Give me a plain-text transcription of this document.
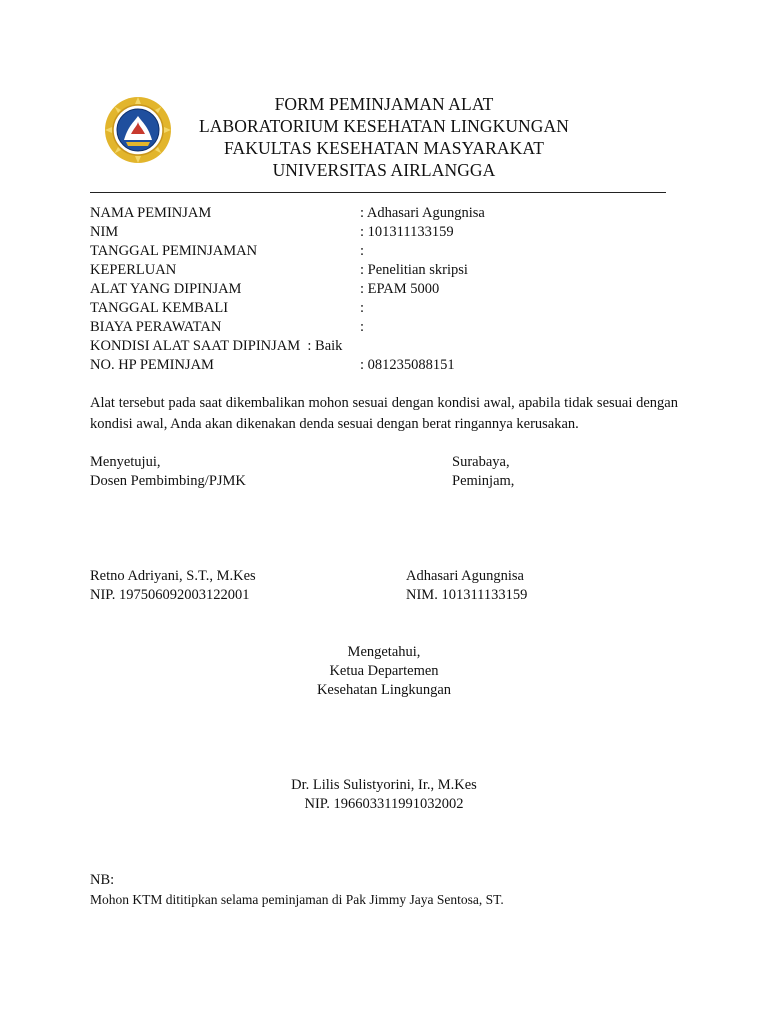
FORM PEMINJAMAN ALAT
LABORATORIUM KESEHATAN LINGKUNGAN
FAKULTAS KESEHATAN MASYARAKAT
UNIVERSITAS AIRLANGGA
NAMA PEMINJAM	: Adhasari Agungnisa
NIM	: 101311133159
TANGGAL PEMINJAMAN	:
KEPERLUAN	: Penelitian skripsi
ALAT YANG DIPINJAM	: EPAM 5000
TANGGAL KEMBALI	:
BIAYA PERAWATAN	:
KONDISI ALAT SAAT DIPINJAM  : Baik
NO. HP PEMINJAM	: 081235088151
Alat tersebut pada saat dikembalikan mohon sesuai dengan kondisi awal, apabila tidak sesuai dengan kondisi awal, Anda akan dikenakan denda sesuai dengan berat ringannya kerusakan.
Menyetujui,
Dosen Pembimbing/PJMK
Surabaya,
Peminjam,
Retno Adriyani, S.T., M.Kes
NIP. 197506092003122001
Adhasari Agungnisa
NIM. 101311133159
Mengetahui,
Ketua Departemen
Kesehatan Lingkungan
Dr. Lilis Sulistyorini, Ir., M.Kes
NIP. 196603311991032002
NB:
Mohon KTM dititipkan selama peminjaman di Pak Jimmy Jaya Sentosa, ST.
